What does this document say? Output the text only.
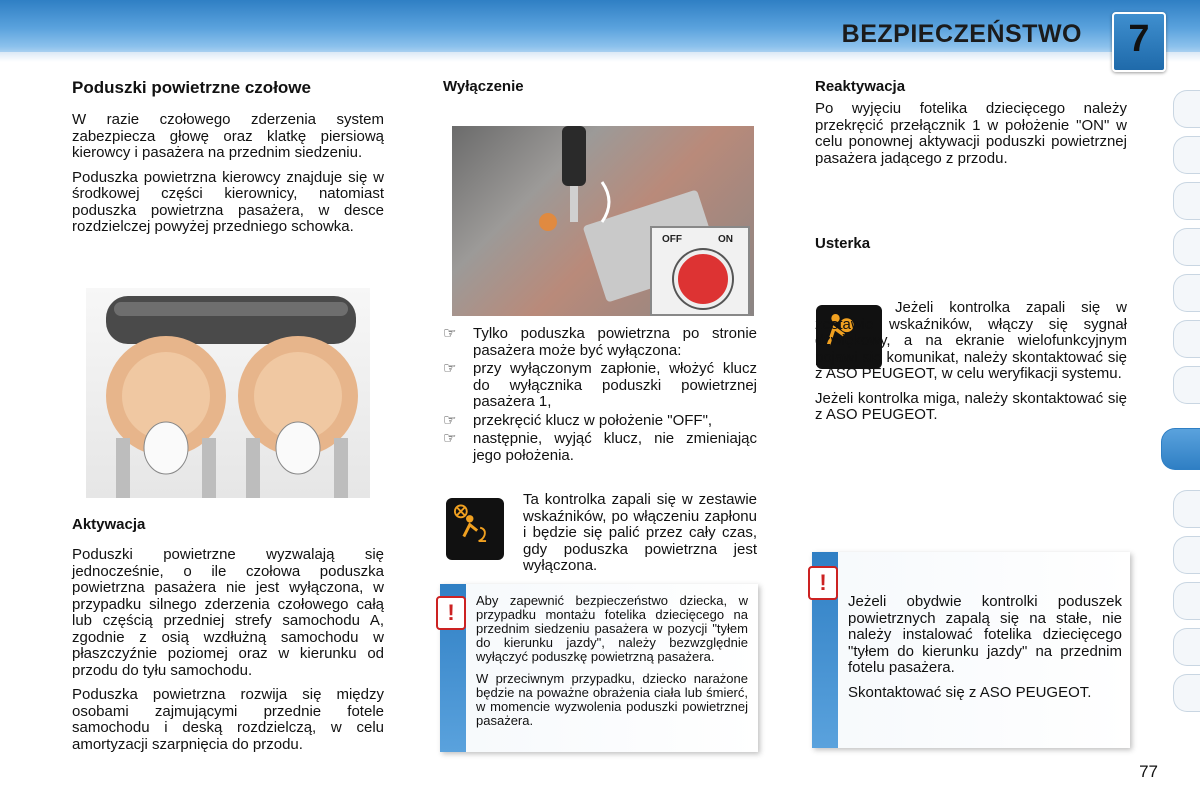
BEZPIECZEŃSTWO	7
Poduszki powietrzne czołowe

W razie czołowego zderzenia system zabezpiecza głowę oraz klatkę piersiową kierowcy i pasażera na przednim siedzeniu.

Poduszka powietrzna kierowcy znajduje się w środkowej części kierownicy, natomiast poduszka powietrzna pasażera, w desce rozdzielczej powyżej przedniego schowka.

Aktywacja

Poduszki powietrzne wyzwalają się jednocześnie, o ile czołowa poduszka powietrzna pasażera nie jest wyłączona, w przypadku silnego zderzenia czołowego całą lub częścią przedniej strefy samochodu A, zgodnie z osią wzdłużną samochodu w płaszczyźnie poziomej oraz w kierunku od przodu do tyłu samochodu.

Poduszka powietrzna rozwija się między osobami zajmującymi przednie fotele samochodu i deską rozdzielczą, w celu amortyzacji szarpnięcia do przodu.

Wyłączenie
OFF	ON
☞ Tylko poduszka powietrzna po stronie pasażera może być wyłączona:
☞ przy wyłączonym zapłonie, włożyć klucz do wyłącznika poduszki powietrznej pasażera 1,
☞ przekręcić klucz w położenie "OFF",
☞ następnie, wyjąć klucz, nie zmieniając jego położenia.

Ta kontrolka zapali się w zestawie wskaźników, po włączeniu zapłonu i będzie się palić przez cały czas, gdy poduszka powietrzna jest wyłączona.

!	Aby zapewnić bezpieczeństwo dziecka, w przypadku montażu fotelika dziecięcego na przednim siedzeniu pasażera w pozycji "tyłem do kierunku jazdy", należy bezwzględnie wyłączyć poduszkę powietrzną pasażera.

W przeciwnym przypadku, dziecko narażone będzie na poważne obrażenia ciała lub śmierć, w momencie wyzwolenia poduszki powietrznej pasażera.

Reaktywacja

Po wyjęciu fotelika dziecięcego należy przekręcić przełącznik 1 w położenie "ON" w celu ponownej aktywacji poduszki powietrznej pasażera jadącego z przodu.

Usterka

Jeżeli kontrolka zapali się w zestawie wskaźników, włączy się sygnał dźwiękowy, a na ekranie wielofunkcyjnym pojawi się komunikat, należy skontaktować się z ASO PEUGEOT, w celu weryfikacji systemu.

Jeżeli kontrolka miga, należy skontaktować się z ASO PEUGEOT.

!

Jeżeli obydwie kontrolki poduszek powietrznych zapalą się na stałe, nie należy instalować fotelika dziecięcego "tyłem do kierunku jazdy" na przednim fotelu pasażera.

Skontaktować się z ASO PEUGEOT.

77
